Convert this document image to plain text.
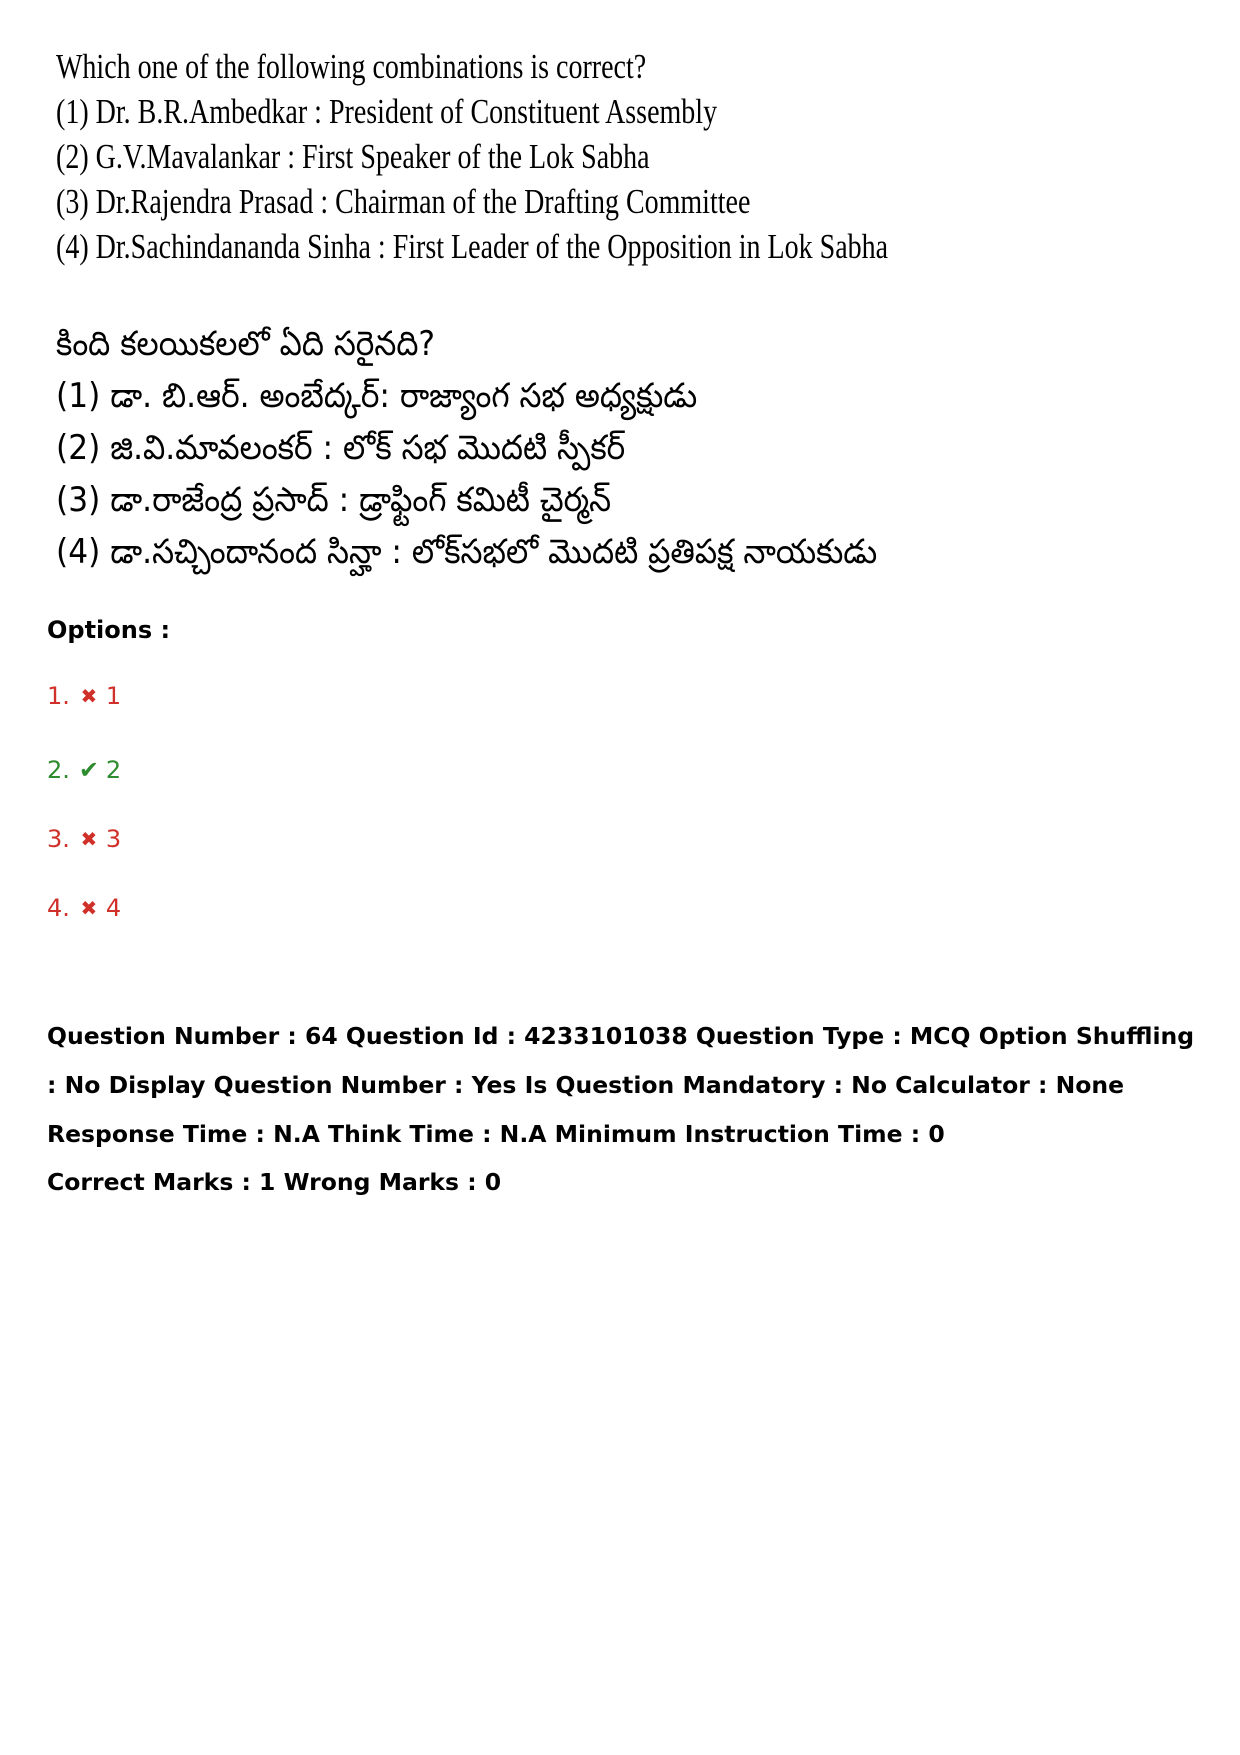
Which one of the following combinations is correct?
(1) Dr. B.R.Ambedkar : President of Constituent Assembly
(2) G.V.Mavalankar : First Speaker of the Lok Sabha
(3) Dr.Rajendra Prasad : Chairman of the Drafting Committee
(4) Dr.Sachindananda Sinha : First Leader of the Opposition in Lok Sabha
కింది కలయికలలో ఏది సరైనది?
(1) డా. బి.ఆర్. అంబేద్కర్: రాజ్యాంగ సభ అధ్యక్షుడు
(2) జి.వి.మావలంకర్ : లోక్ సభ మొదటి స్పీకర్
(3) డా.రాజేంద్ర ప్రసాద్ : డ్రాఫ్టింగ్ కమిటీ చైర్మన్
(4) డా.సచ్చిందానంద సిన్హా : లోక్‌సభలో మొదటి ప్రతిపక్ష నాయకుడు
Options :
1. ✖ 1
2. ✔ 2
3. ✖ 3
4. ✖ 4
Question Number : 64 Question Id : 4233101038 Question Type : MCQ Option Shuffling : No Display Question Number : Yes Is Question Mandatory : No Calculator : None Response Time : N.A Think Time : N.A Minimum Instruction Time : 0
Correct Marks : 1 Wrong Marks : 0
